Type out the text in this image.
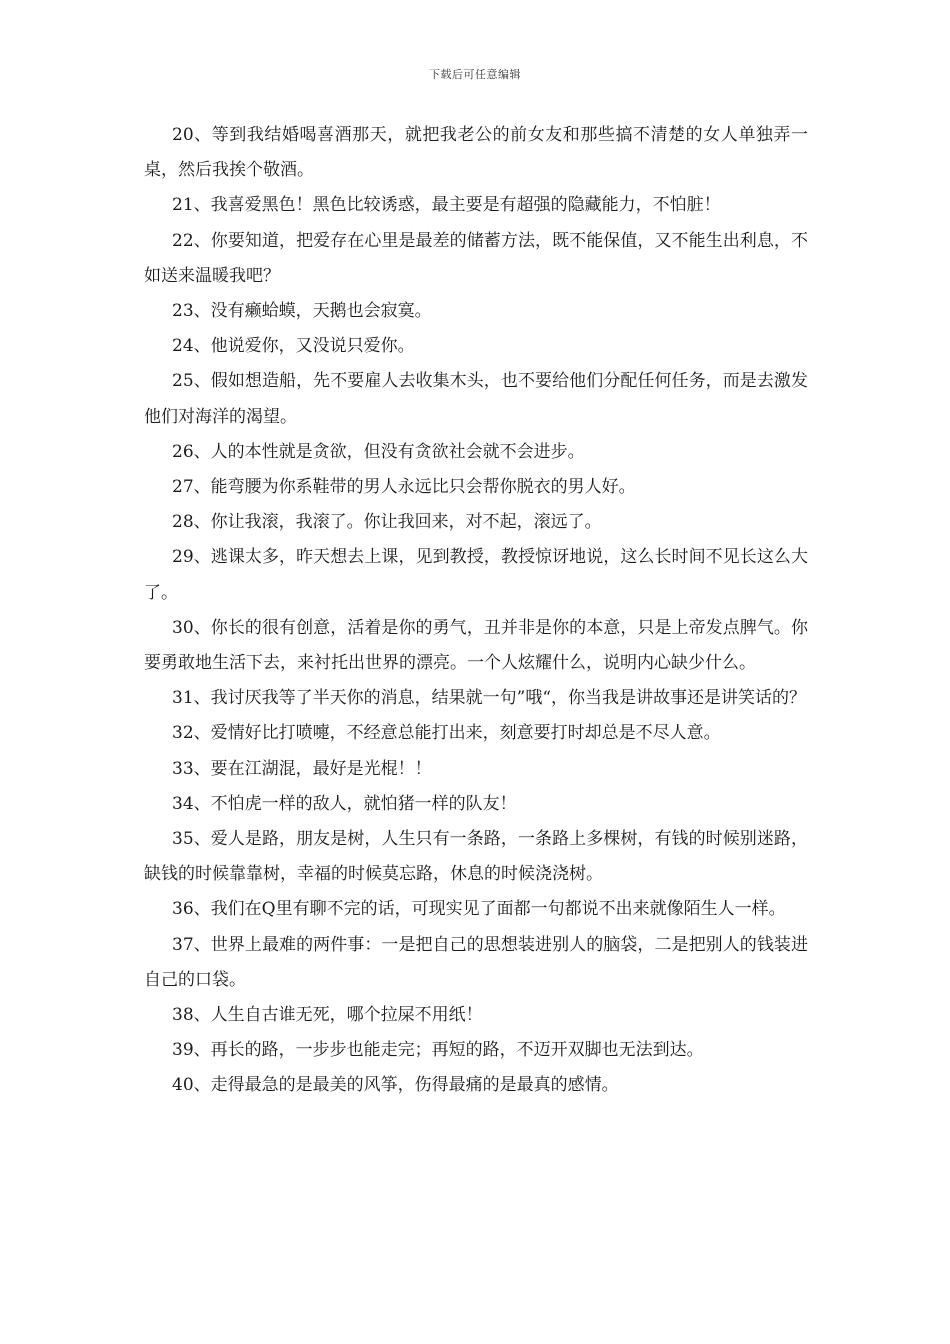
下载后可任意编辑

20、等到我结婚喝喜酒那天，就把我老公的前女友和那些搞不清楚的女人单独弄一桌，然后我挨个敬酒。

21、我喜爱黑色！黑色比较诱惑，最主要是有超强的隐藏能力，不怕脏！

22、你要知道，把爱存在心里是最差的储蓄方法，既不能保值，又不能生出利息，不如送来温暖我吧？

23、没有癞蛤蟆，天鹅也会寂寞。

24、他说爱你，又没说只爱你。

25、假如想造船，先不要雇人去收集木头，也不要给他们分配任何任务，而是去激发他们对海洋的渴望。

26、人的本性就是贪欲，但没有贪欲社会就不会进步。

27、能弯腰为你系鞋带的男人永远比只会帮你脱衣的男人好。

28、你让我滚，我滚了。你让我回来，对不起，滚远了。

29、逃课太多，昨天想去上课，见到教授，教授惊讶地说，这么长时间不见长这么大了。

30、你长的很有创意，活着是你的勇气，丑并非是你的本意，只是上帝发点脾气。你要勇敢地生活下去，来衬托出世界的漂亮。一个人炫耀什么，说明内心缺少什么。

31、我讨厌我等了半天你的消息，结果就一句”哦“，你当我是讲故事还是讲笑话的？

32、爱情好比打喷嚏，不经意总能打出来，刻意要打时却总是不尽人意。

33、要在江湖混，最好是光棍！！

34、不怕虎一样的敌人，就怕猪一样的队友！

35、爱人是路，朋友是树，人生只有一条路，一条路上多棵树，有钱的时候别迷路，缺钱的时候靠靠树，幸福的时候莫忘路，休息的时候浇浇树。

36、我们在Q里有聊不完的话，可现实见了面都一句都说不出来就像陌生人一样。

37、世界上最难的两件事：一是把自己的思想装进别人的脑袋，二是把别人的钱装进自己的口袋。

38、人生自古谁无死，哪个拉屎不用纸！

39、再长的路，一步步也能走完；再短的路，不迈开双脚也无法到达。

40、走得最急的是最美的风筝，伤得最痛的是最真的感情。
